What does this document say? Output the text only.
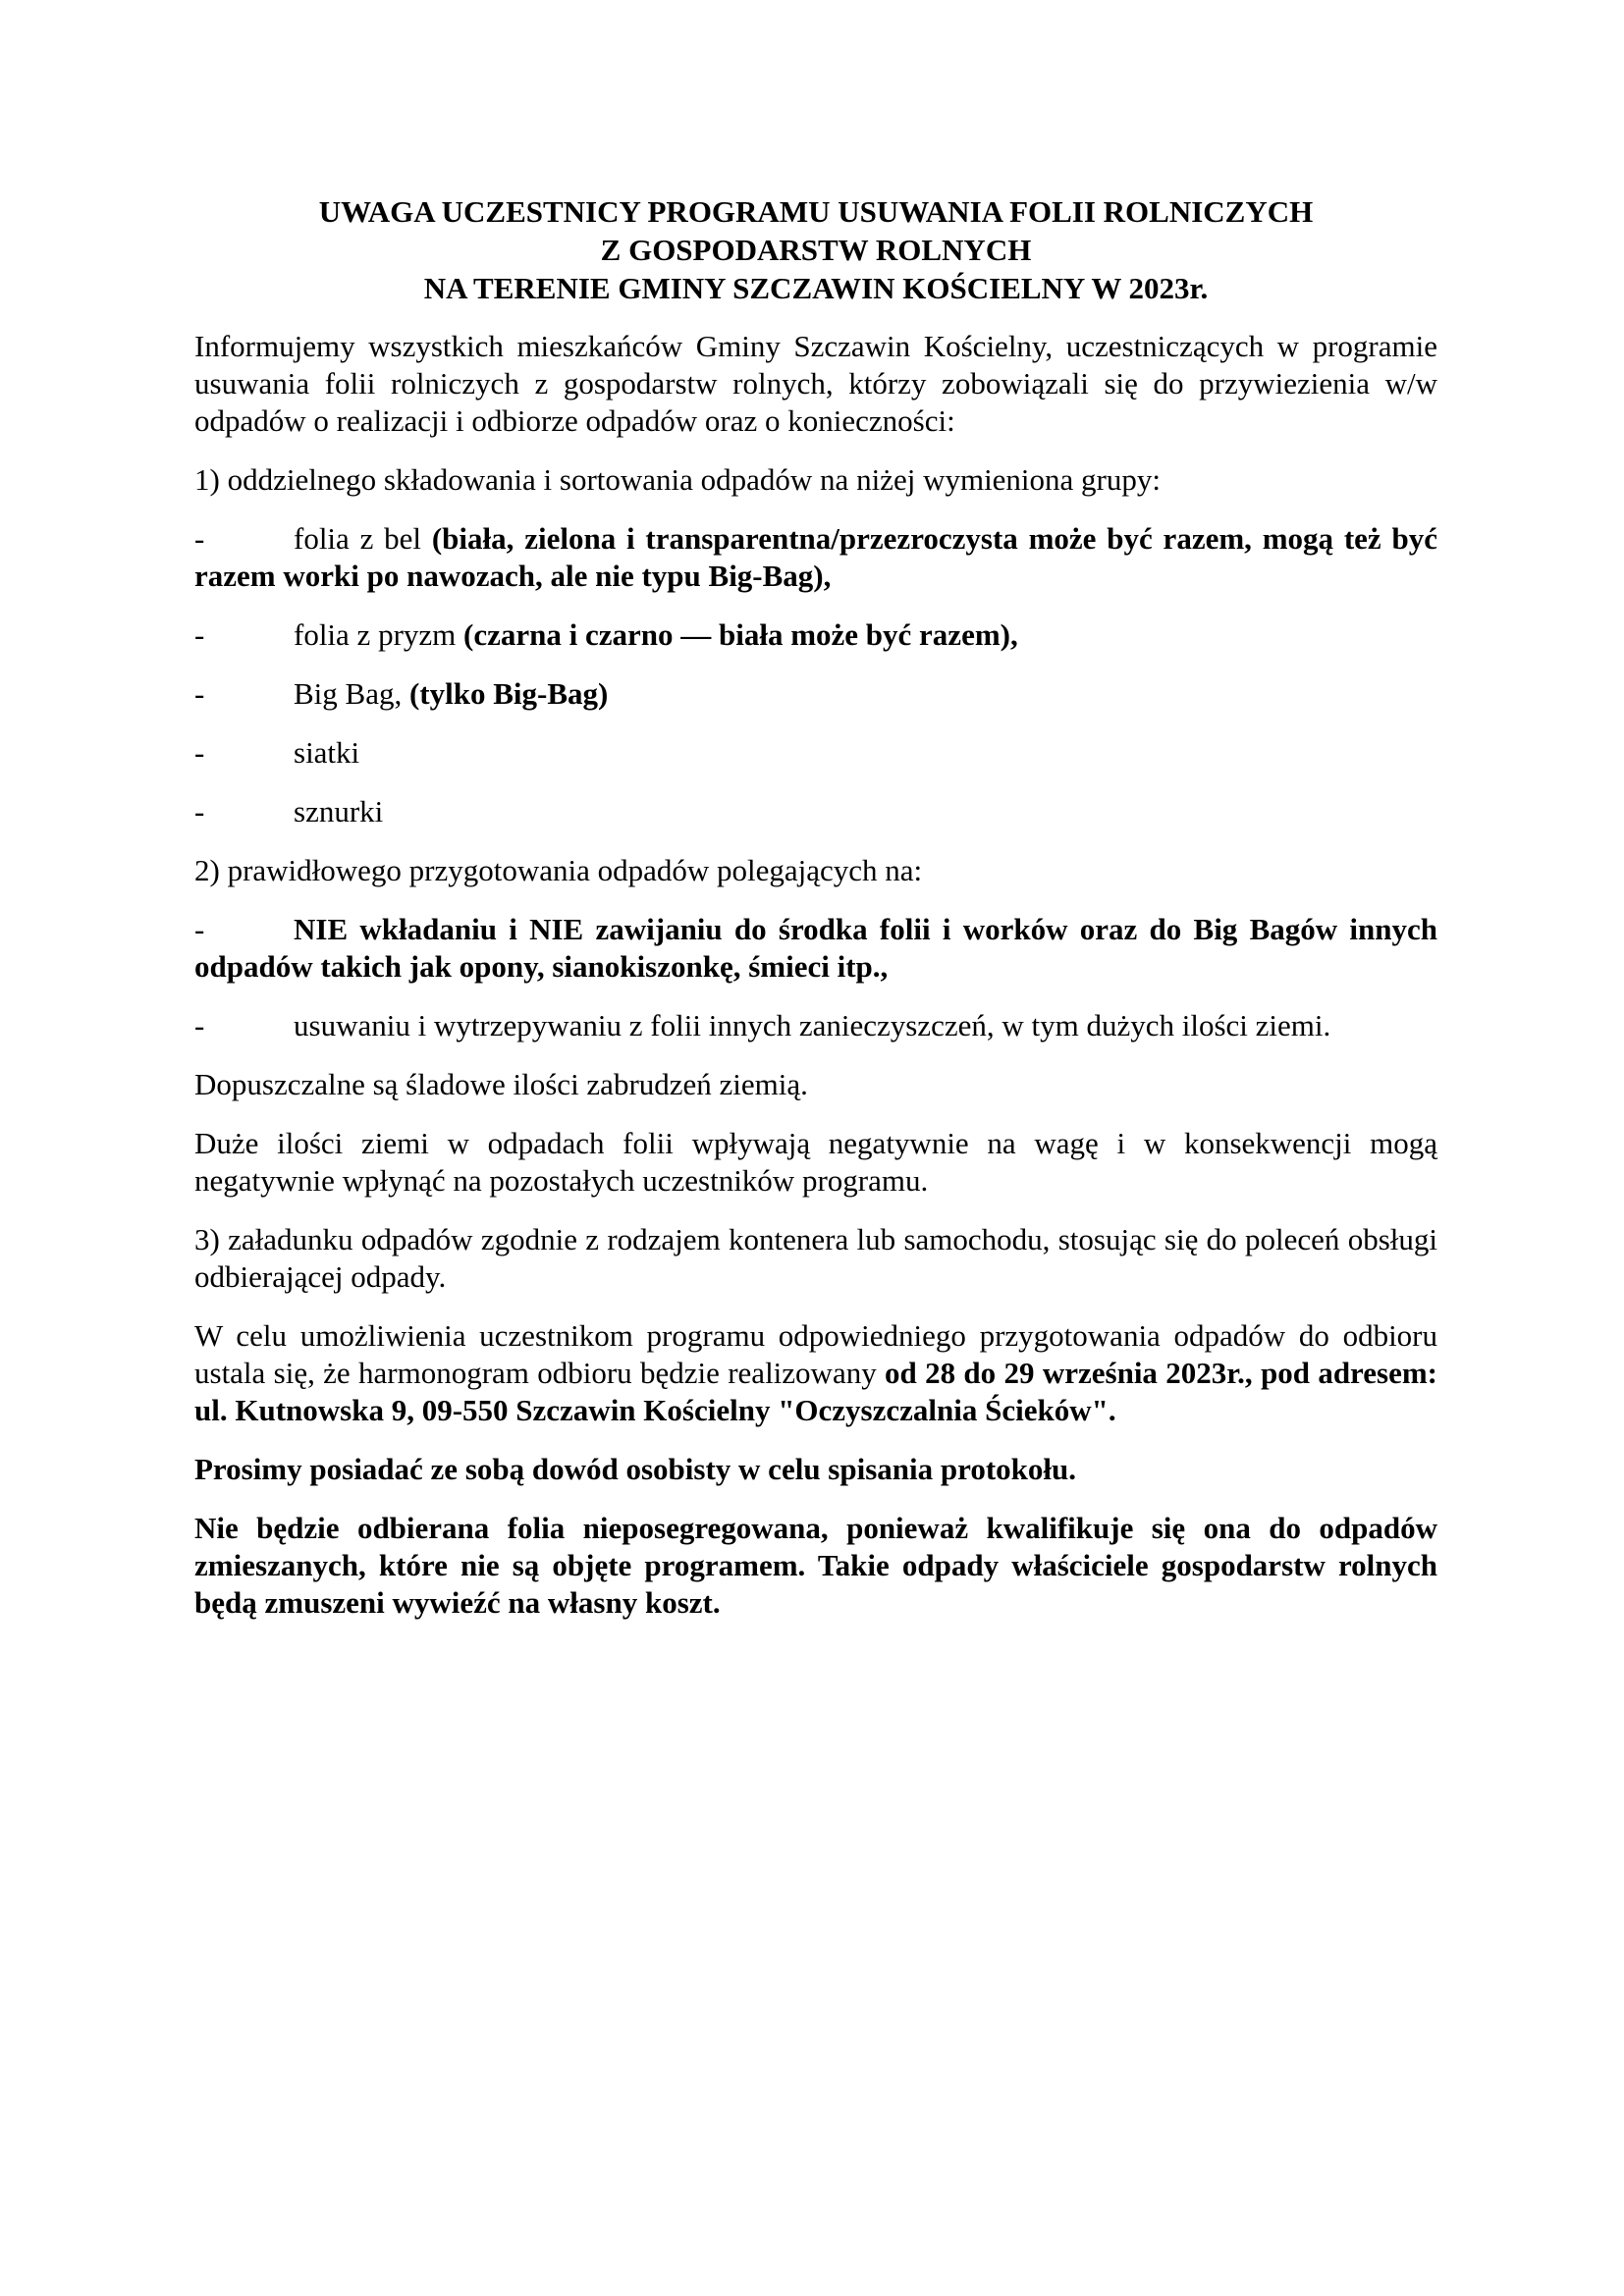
UWAGA UCZESTNICY PROGRAMU USUWANIA FOLII ROLNICZYCH
Z GOSPODARSTW ROLNYCH
NA TERENIE GMINY SZCZAWIN KOŚCIELNY W 2023r.

Informujemy wszystkich mieszkańców Gminy Szczawin Kościelny, uczestniczących w programie usuwania folii rolniczych z gospodarstw rolnych, którzy zobowiązali się do przywiezienia w/w odpadów o realizacji i odbiorze odpadów oraz o konieczności:

1) oddzielnego składowania i sortowania odpadów na niżej wymieniona grupy:

-	folia z bel (biała, zielona i transparentna/przezroczysta może być razem, mogą też być razem worki po nawozach, ale nie typu Big-Bag),
-	folia z pryzm (czarna i czarno — biała może być razem),
-	Big Bag, (tylko Big-Bag)
-	siatki
-	sznurki

2) prawidłowego przygotowania odpadów polegających na:

-	NIE wkładaniu i NIE zawijaniu do środka folii i worków oraz do Big Bagów innych odpadów takich jak opony, sianokiszonkę, śmieci itp.,
-	usuwaniu i wytrzepywaniu z folii innych zanieczyszczeń, w tym dużych ilości ziemi.

Dopuszczalne są śladowe ilości zabrudzeń ziemią.

Duże ilości ziemi w odpadach folii wpływają negatywnie na wagę i w konsekwencji mogą negatywnie wpłynąć na pozostałych uczestników programu.

3) załadunku odpadów zgodnie z rodzajem kontenera lub samochodu, stosując się do poleceń obsługi odbierającej odpady.

W celu umożliwienia uczestnikom programu odpowiedniego przygotowania odpadów do odbioru ustala się, że harmonogram odbioru będzie realizowany od 28 do 29 września 2023r., pod adresem: ul. Kutnowska 9, 09-550 Szczawin Kościelny "Oczyszczalnia Ścieków".

Prosimy posiadać ze sobą dowód osobisty w celu spisania protokołu.

Nie będzie odbierana folia nieposegregowana, ponieważ kwalifikuje się ona do odpadów zmieszanych, które nie są objęte programem. Takie odpady właściciele gospodarstw rolnych będą zmuszeni wywieźć na własny koszt.
